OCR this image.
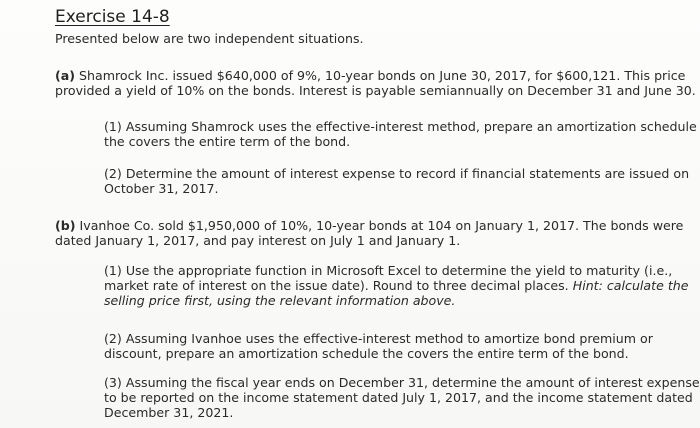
Exercise 14-8
Presented below are two independent situations.
(a) Shamrock Inc. issued $640,000 of 9%, 10-year bonds on June 30, 2017, for $600,121. This price
provided a yield of 10% on the bonds. Interest is payable semiannually on December 31 and June 30.
(1) Assuming Shamrock uses the effective-interest method, prepare an amortization schedule
the covers the entire term of the bond.
(2) Determine the amount of interest expense to record if financial statements are issued on
October 31, 2017.
(b) Ivanhoe Co. sold $1,950,000 of 10%, 10-year bonds at 104 on January 1, 2017. The bonds were
dated January 1, 2017, and pay interest on July 1 and January 1.
(1) Use the appropriate function in Microsoft Excel to determine the yield to maturity (i.e.,
market rate of interest on the issue date). Round to three decimal places. Hint: calculate the
selling price first, using the relevant information above.
(2) Assuming Ivanhoe uses the effective-interest method to amortize bond premium or
discount, prepare an amortization schedule the covers the entire term of the bond.
(3) Assuming the fiscal year ends on December 31, determine the amount of interest expense
to be reported on the income statement dated July 1, 2017, and the income statement dated
December 31, 2021.
